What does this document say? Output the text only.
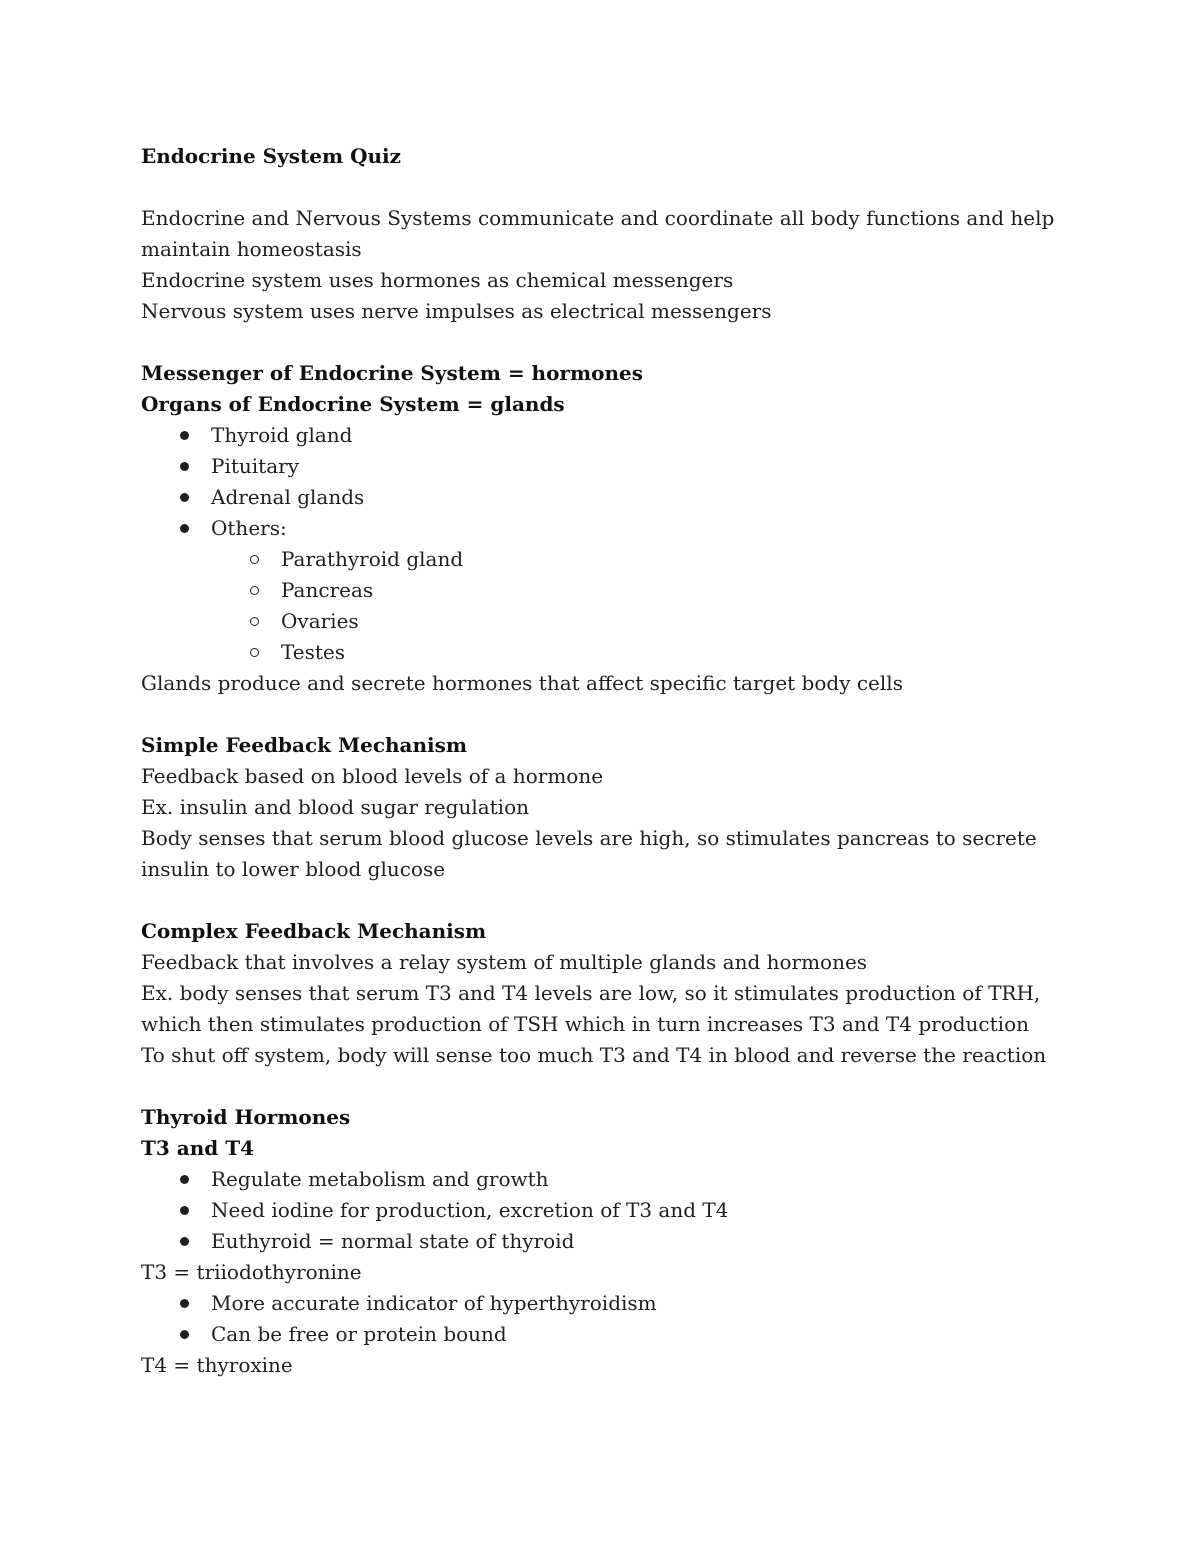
Endocrine System Quiz

Endocrine and Nervous Systems communicate and coordinate all body functions and help maintain homeostasis

Endocrine system uses hormones as chemical messengers

Nervous system uses nerve impulses as electrical messengers

Messenger of Endocrine System = hormones

Organs of Endocrine System = glands

Thyroid gland
Pituitary
Adrenal glands
Others:
Parathyroid gland
Pancreas
Ovaries
Testes

Glands produce and secrete hormones that affect specific target body cells

Simple Feedback Mechanism

Feedback based on blood levels of a hormone

Ex. insulin and blood sugar regulation

Body senses that serum blood glucose levels are high, so stimulates pancreas to secrete insulin to lower blood glucose

Complex Feedback Mechanism

Feedback that involves a relay system of multiple glands and hormones

Ex. body senses that serum T3 and T4 levels are low, so it stimulates production of TRH, which then stimulates production of TSH which in turn increases T3 and T4 production

To shut off system, body will sense too much T3 and T4 in blood and reverse the reaction

Thyroid Hormones

T3 and T4

Regulate metabolism and growth
Need iodine for production, excretion of T3 and T4
Euthyroid = normal state of thyroid

T3 = triiodothyronine

More accurate indicator of hyperthyroidism
Can be free or protein bound

T4 = thyroxine
